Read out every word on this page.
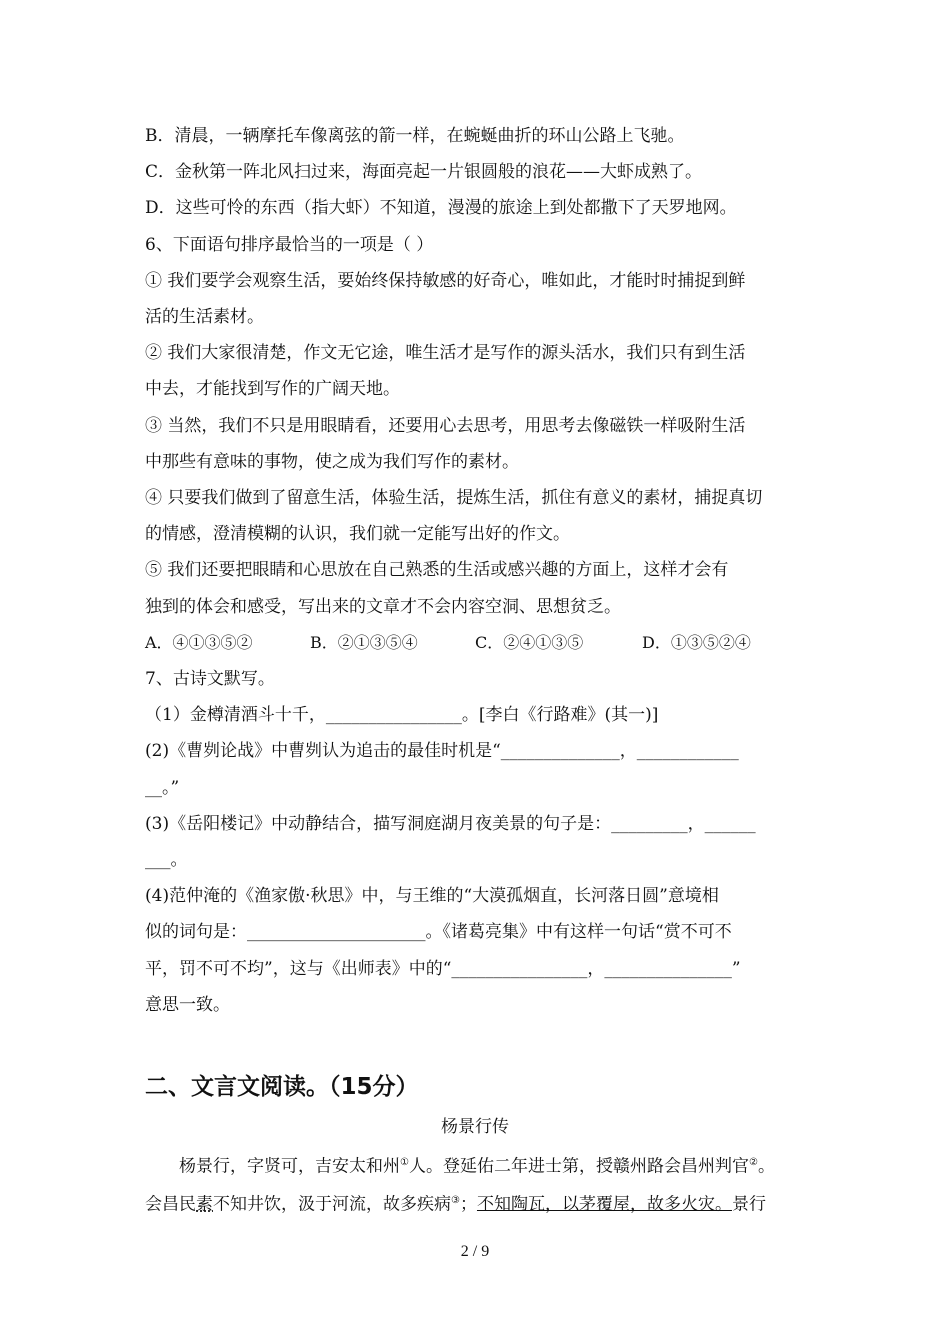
B．清晨，一辆摩托车像离弦的箭一样，在蜿蜒曲折的环山公路上飞驰。

C．金秋第一阵北风扫过来，海面亮起一片银圆般的浪花——大虾成熟了。

D．这些可怜的东西（指大虾）不知道，漫漫的旅途上到处都撒下了天罗地网。

6、下面语句排序最恰当的一项是（ ）

① 我们要学会观察生活，要始终保持敏感的好奇心，唯如此，才能时时捕捉到鲜

活的生活素材。

② 我们大家很清楚，作文无它途，唯生活才是写作的源头活水，我们只有到生活

中去，才能找到写作的广阔天地。

③ 当然，我们不只是用眼睛看，还要用心去思考，用思考去像磁铁一样吸附生活

中那些有意味的事物，使之成为我们写作的素材。

④ 只要我们做到了留意生活，体验生活，提炼生活，抓住有意义的素材，捕捉真切

的情感，澄清模糊的认识，我们就一定能写出好的作文。

⑤ 我们还要把眼睛和心思放在自己熟悉的生活或感兴趣的方面上，这样才会有

独到的体会和感受，写出来的文章才不会内容空洞、思想贫乏。

A．④①③⑤②	B．②①③⑤④	C．②④①③⑤	D．①③⑤②④

7、古诗文默写。

（1）金樽清酒斗十千，________________。[李白《行路难》(其一)]

(2)《曹刿论战》中曹刿认为追击的最佳时机是“______________，____________

__。”

(3)《岳阳楼记》中动静结合，描写洞庭湖月夜美景的句子是：_________，______

___。

(4)范仲淹的《渔家傲·秋思》中，与王维的“大漠孤烟直，长河落日圆”意境相

似的词句是：_____________________。《诸葛亮集》中有这样一句话“赏不可不

平，罚不可不均”，这与《出师表》中的“________________，_______________”

意思一致。

二、文言文阅读。（15分）
杨景行传

杨景行，字贤可，吉安太和州①人。登延佑二年进士第，授赣州路会昌州判官②。

会昌民素不知井饮，汲于河流，故多疾病③；不知陶瓦，以茅覆屋，故多火灾。景行

2 / 9
